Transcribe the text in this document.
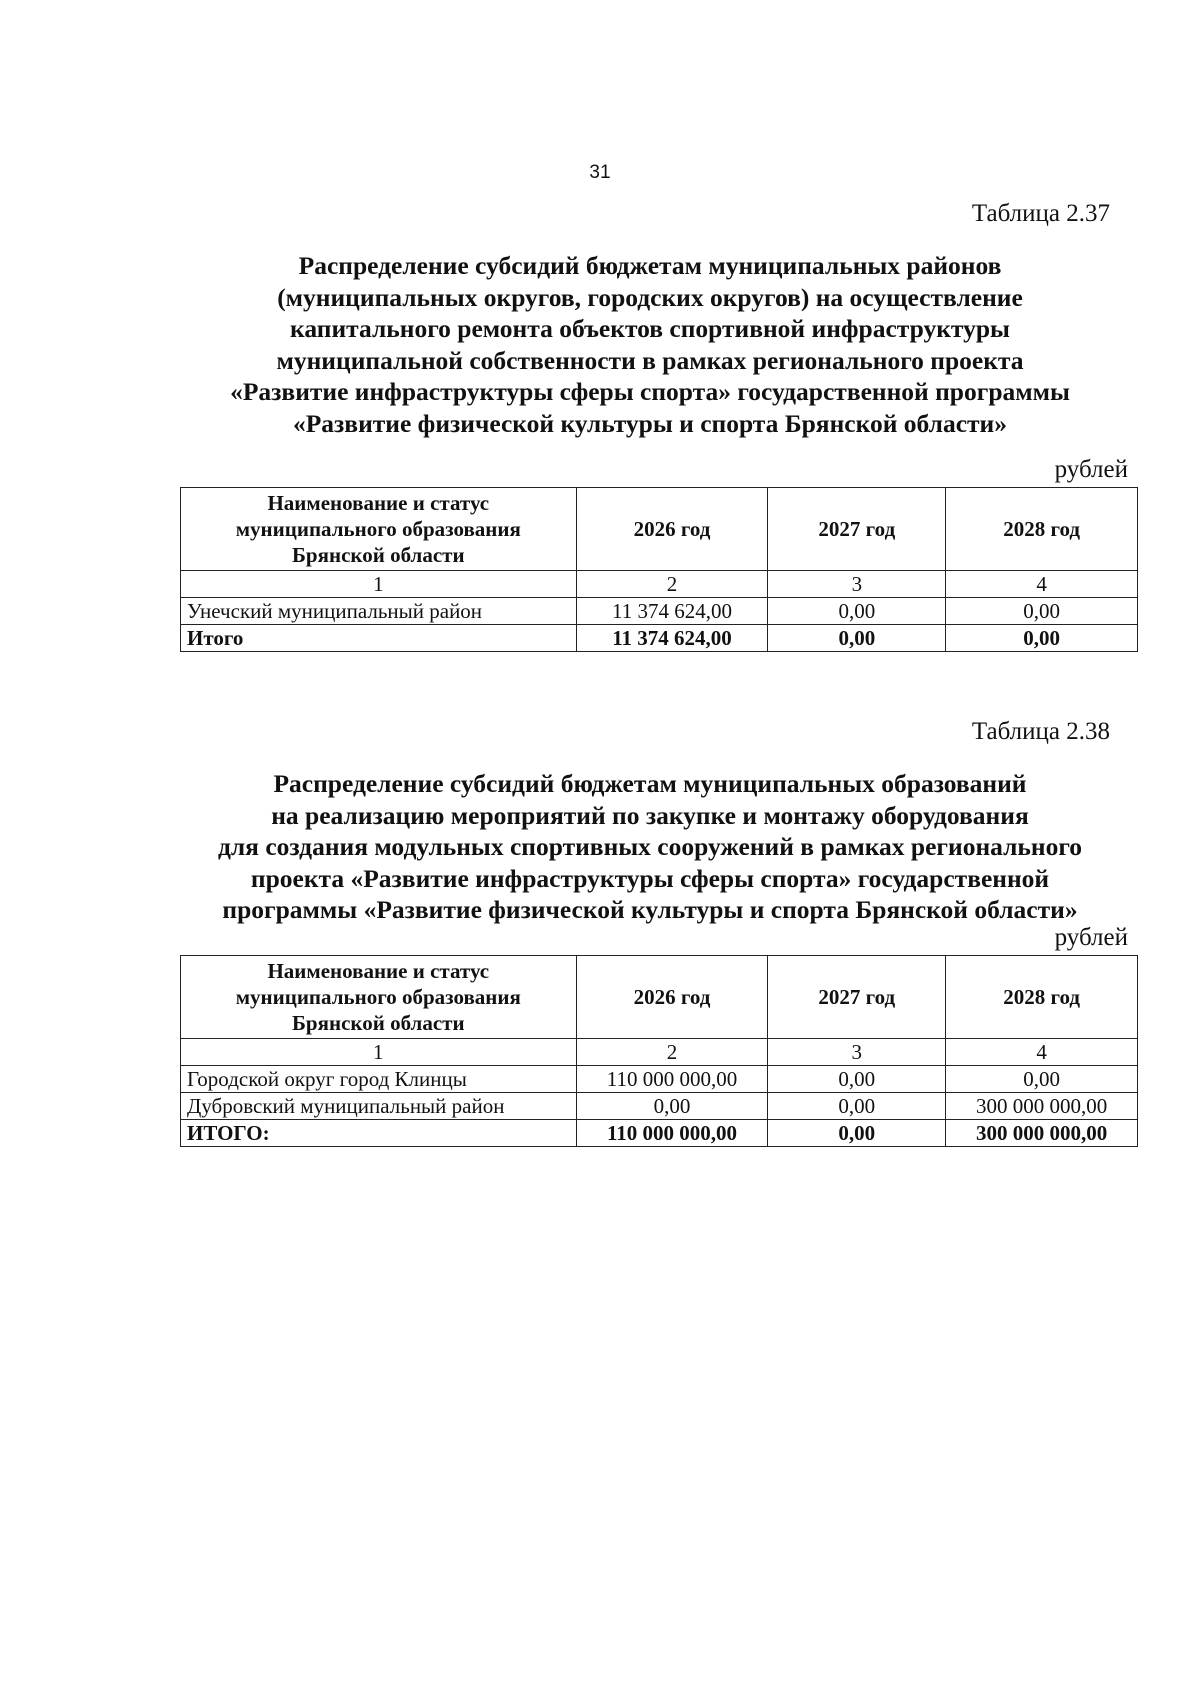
31
Таблица 2.37
Распределение субсидий бюджетам муниципальных районов
(муниципальных округов, городских округов) на осуществление
капитального ремонта объектов спортивной инфраструктуры
муниципальной собственности в рамках регионального проекта
«Развитие инфраструктуры сферы спорта» государственной программы
«Развитие физической культуры и спорта Брянской области»
рублей
Наименование и статус муниципального образования Брянской области	2026 год	2027 год	2028 год
1	2	3	4
Унечский муниципальный район	11 374 624,00	0,00	0,00
Итого	11 374 624,00	0,00	0,00
Таблица 2.38
Распределение субсидий бюджетам муниципальных образований
на реализацию мероприятий по закупке и монтажу оборудования
для создания модульных спортивных сооружений в рамках регионального
проекта «Развитие инфраструктуры сферы спорта» государственной
программы «Развитие физической культуры и спорта Брянской области»
рублей
Наименование и статус муниципального образования Брянской области	2026 год	2027 год	2028 год
1	2	3	4
Городской округ город Клинцы	110 000 000,00	0,00	0,00
Дубровский муниципальный район	0,00	0,00	300 000 000,00
ИТОГО:	110 000 000,00	0,00	300 000 000,00
